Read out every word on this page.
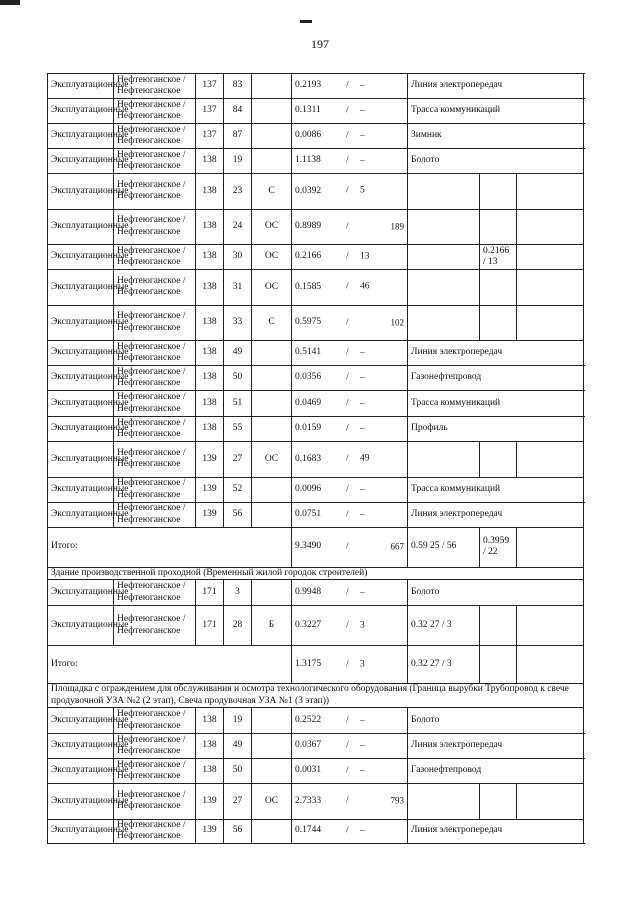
197
Эксплуатационные	Нефтеюганское / Нефтеюганское	137	83		0.2193 / –	Линия электропередач			
Эксплуатационные	Нефтеюганское / Нефтеюганское	137	84		0.1311 / –	Трасса коммуникаций			
Эксплуатационные	Нефтеюганское / Нефтеюганское	137	87		0.0086 / –	Зимник			
Эксплуатационные	Нефтеюганское / Нефтеюганское	138	19		1.1138 / –	Болото			
Эксплуатационные	Нефтеюганское / Нефтеюганское	138	23	С	0.0392 / 5

Эксплуатационные	Нефтеюганское / Нефтеюганское	138	24	ОС	0.8989 / 189

Эксплуатационные	Нефтеюганское / Нефтеюганское	138	30	ОС	0.2166 / 13		0.2166 / 13		
Эксплуатационные	Нефтеюганское / Нефтеюганское	138	31	ОС	0.1585 / 46

Эксплуатационные	Нефтеюганское / Нефтеюганское	138	33	С	0.5975 / 102

Эксплуатационные	Нефтеюганское / Нефтеюганское	138	49		0.5141 / –	Линия электропередач			
Эксплуатационные	Нефтеюганское / Нефтеюганское	138	50		0.0356 / –	Газонефтепровод			
Эксплуатационные	Нефтеюганское / Нефтеюганское	138	51		0.0469 / –	Трасса коммуникаций			
Эксплуатационные	Нефтеюганское / Нефтеюганское	138	55		0.0159 / –	Профиль			
Эксплуатационные	Нефтеюганское / Нефтеюганское	139	27	ОС	0.1683 / 49

Эксплуатационные	Нефтеюганское / Нефтеюганское	139	52		0.0096 / –	Трасса коммуникаций			
Эксплуатационные	Нефтеюганское / Нефтеюганское	139	56		0.0751 / –	Линия электропередач			
Итого:					9.3490 / 667	0.59 25 / 56	0.3959 / 22		
Здание производственной проходной (Временный жилой городок строителей)									
Эксплуатационные	Нефтеюганское / Нефтеюганское	171	3		0.9948 / –	Болото			
Эксплуатационные	Нефтеюганское / Нефтеюганское	171	28	Б	0.3227 / 3	0.32 27 / 3			
Итого:					1.3175 / 3	0.32 27 / 3			
Площадка с ограждением для обслуживания и осмотра технологического оборудования (Граница вырубки Трубопровод к свече продувочной УЗА №2 (2 этап), Свеча продувочная УЗА №1 (3 этап))									
Эксплуатационные	Нефтеюганское / Нефтеюганское	138	19		0.2522 / –	Болото			
Эксплуатационные	Нефтеюганское / Нефтеюганское	138	49		0.0367 / –	Линия электропередач			
Эксплуатационные	Нефтеюганское / Нефтеюганское	138	50		0.0031 / –	Газонефтепровод			
Эксплуатационные	Нефтеюганское / Нефтеюганское	139	27	ОС	2.7333 / 793

Эксплуатационные	Нефтеюганское / Нефтеюганское	139	56		0.1744 / –	Линия электропередач			
